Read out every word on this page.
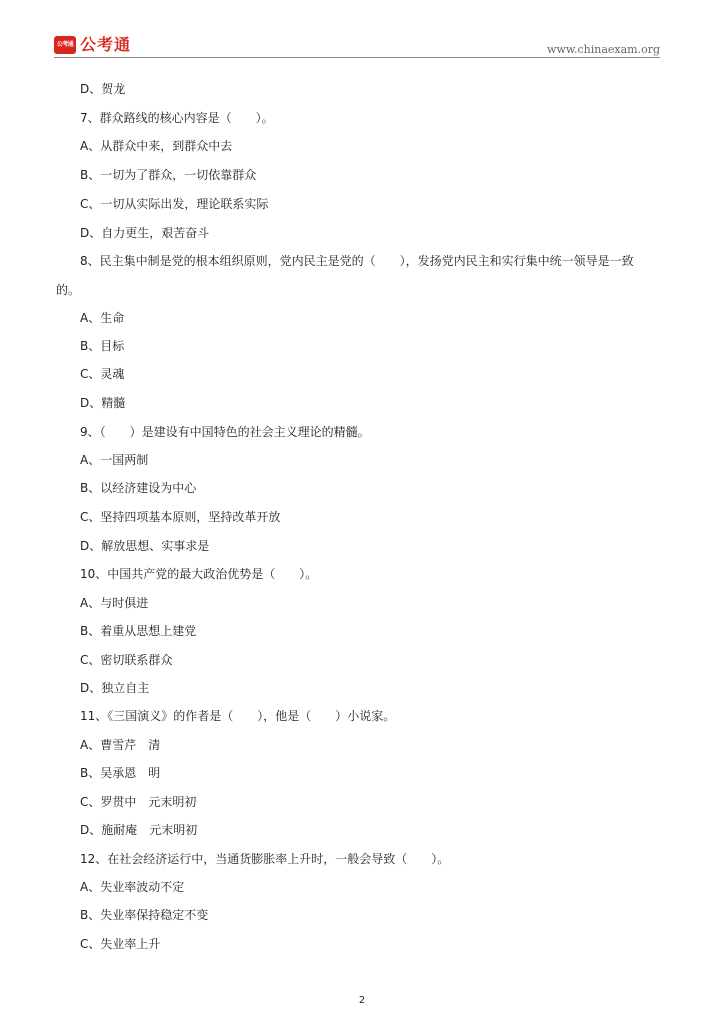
公考通 公考通	www.chinaexam.org
D、贺龙
7、群众路线的核心内容是（　　）。
A、从群众中来，到群众中去
B、一切为了群众，一切依靠群众
C、一切从实际出发，理论联系实际
D、自力更生，艰苦奋斗
8、民主集中制是党的根本组织原则，党内民主是党的（　　），发扬党内民主和实行集中统一领导是一致
的。
A、生命
B、目标
C、灵魂
D、精髓
9、（　　）是建设有中国特色的社会主义理论的精髓。
A、一国两制
B、以经济建设为中心
C、坚持四项基本原则，坚持改革开放
D、解放思想、实事求是
10、中国共产党的最大政治优势是（　　）。
A、与时俱进
B、着重从思想上建党
C、密切联系群众
D、独立自主
11、《三国演义》的作者是（　　），他是（　　）小说家。
A、曹雪芹　清
B、吴承恩　明
C、罗贯中　元末明初
D、施耐庵　元末明初
12、在社会经济运行中，当通货膨胀率上升时，一般会导致（　　）。
A、失业率波动不定
B、失业率保持稳定不变
C、失业率上升
2
